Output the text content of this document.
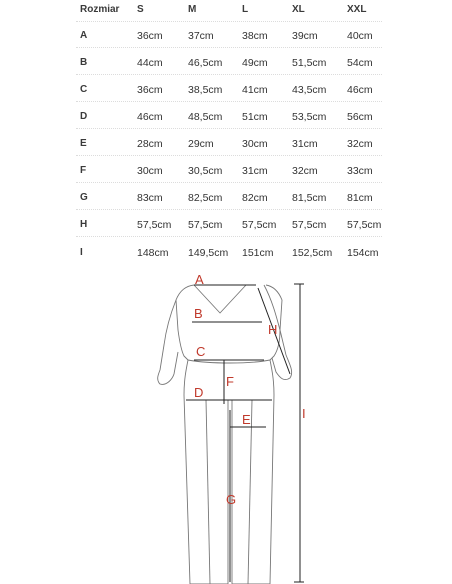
Rozmiar S	M	L	XL	XXL
A	36cm 37cm	38cm 39cm	40cm
B	44cm 46,5cm 49cm 51,5cm 54cm
C	36cm 38,5cm 41cm 43,5cm 46cm
D	46cm 48,5cm 51cm 53,5cm 56cm
E	28cm 29cm	30cm 31cm	32cm
F	30cm 30,5cm 31cm 32cm	33cm
G	83cm 82,5cm 82cm 81,5cm 81cm
H	57,5cm 57,5cm 57,5cm 57,5cm 57,5cm
I	148cm 149,5cm 151cm 152,5cm 154cm
A
B
C
D
E
F
G
H
I
